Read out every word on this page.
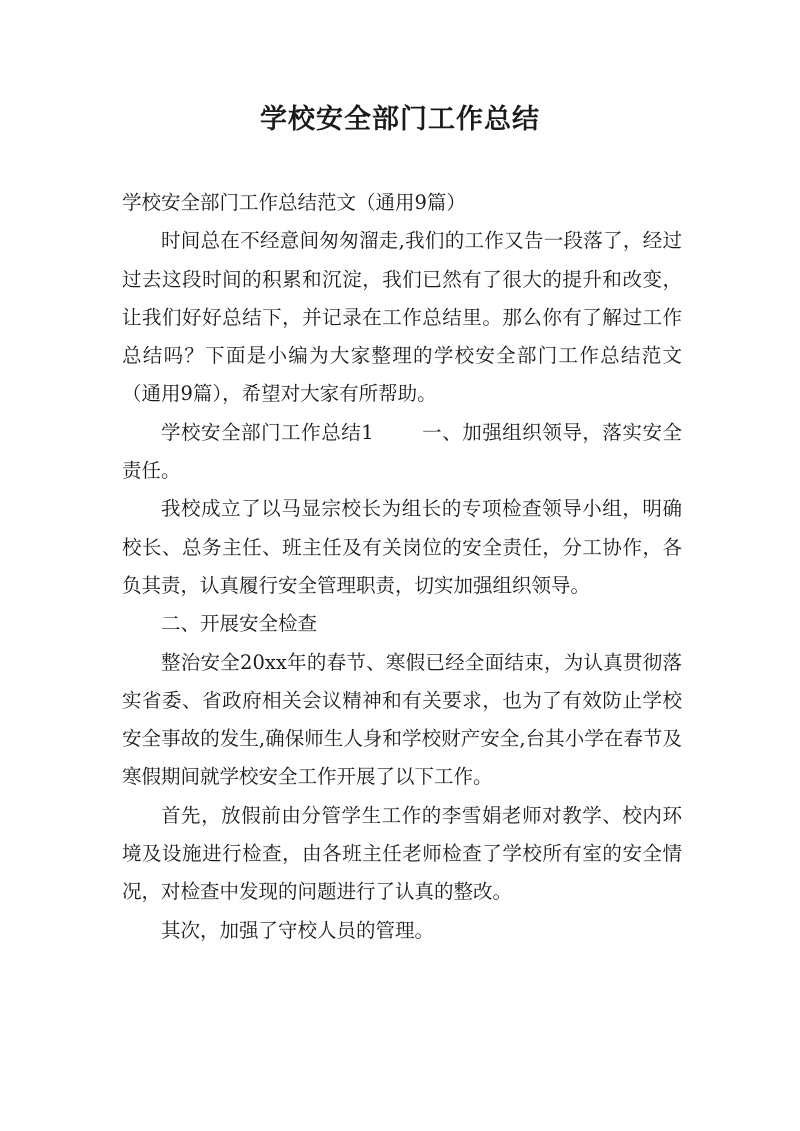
学校安全部门工作总结

学校安全部门工作总结范文（通用9篇）

时间总在不经意间匆匆溜走,我们的工作又告一段落了，经过过去这段时间的积累和沉淀，我们已然有了很大的提升和改变，让我们好好总结下，并记录在工作总结里。那么你有了解过工作总结吗？下面是小编为大家整理的学校安全部门工作总结范文（通用9篇），希望对大家有所帮助。

学校安全部门工作总结1 一、加强组织领导，落实安全责任。

我校成立了以马显宗校长为组长的专项检查领导小组，明确校长、总务主任、班主任及有关岗位的安全责任，分工协作，各负其责，认真履行安全管理职责，切实加强组织领导。

二、开展安全检查

整治安全20xx年的春节、寒假已经全面结束，为认真贯彻落实省委、省政府相关会议精神和有关要求，也为了有效防止学校安全事故的发生,确保师生人身和学校财产安全,台其小学在春节及寒假期间就学校安全工作开展了以下工作。

首先，放假前由分管学生工作的李雪娟老师对教学、校内环境及设施进行检查，由各班主任老师检查了学校所有室的安全情况，对检查中发现的问题进行了认真的整改。

其次，加强了守校人员的管理。
